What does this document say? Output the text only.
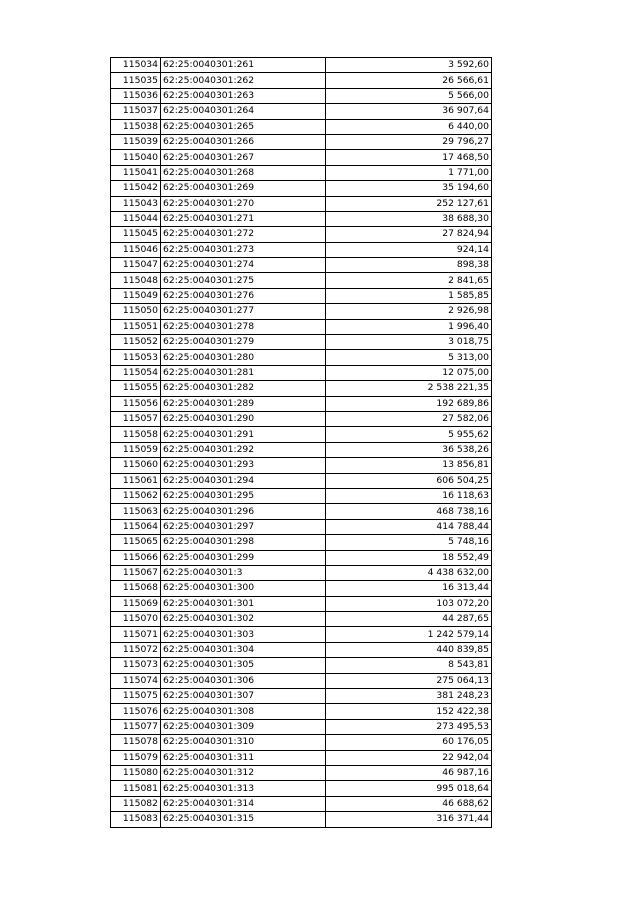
115034	62:25:0040301:261	3 592,60
115035	62:25:0040301:262	26 566,61
115036	62:25:0040301:263	5 566,00
115037	62:25:0040301:264	36 907,64
115038	62:25:0040301:265	6 440,00
115039	62:25:0040301:266	29 796,27
115040	62:25:0040301:267	17 468,50
115041	62:25:0040301:268	1 771,00
115042	62:25:0040301:269	35 194,60
115043	62:25:0040301:270	252 127,61
115044	62:25:0040301:271	38 688,30
115045	62:25:0040301:272	27 824,94
115046	62:25:0040301:273	924,14
115047	62:25:0040301:274	898,38
115048	62:25:0040301:275	2 841,65
115049	62:25:0040301:276	1 585,85
115050	62:25:0040301:277	2 926,98
115051	62:25:0040301:278	1 996,40
115052	62:25:0040301:279	3 018,75
115053	62:25:0040301:280	5 313,00
115054	62:25:0040301:281	12 075,00
115055	62:25:0040301:282	2 538 221,35
115056	62:25:0040301:289	192 689,86
115057	62:25:0040301:290	27 582,06
115058	62:25:0040301:291	5 955,62
115059	62:25:0040301:292	36 538,26
115060	62:25:0040301:293	13 856,81
115061	62:25:0040301:294	606 504,25
115062	62:25:0040301:295	16 118,63
115063	62:25:0040301:296	468 738,16
115064	62:25:0040301:297	414 788,44
115065	62:25:0040301:298	5 748,16
115066	62:25:0040301:299	18 552,49
115067	62:25:0040301:3	4 438 632,00
115068	62:25:0040301:300	16 313,44
115069	62:25:0040301:301	103 072,20
115070	62:25:0040301:302	44 287,65
115071	62:25:0040301:303	1 242 579,14
115072	62:25:0040301:304	440 839,85
115073	62:25:0040301:305	8 543,81
115074	62:25:0040301:306	275 064,13
115075	62:25:0040301:307	381 248,23
115076	62:25:0040301:308	152 422,38
115077	62:25:0040301:309	273 495,53
115078	62:25:0040301:310	60 176,05
115079	62:25:0040301:311	22 942,04
115080	62:25:0040301:312	46 987,16
115081	62:25:0040301:313	995 018,64
115082	62:25:0040301:314	46 688,62
115083	62:25:0040301:315	316 371,44
